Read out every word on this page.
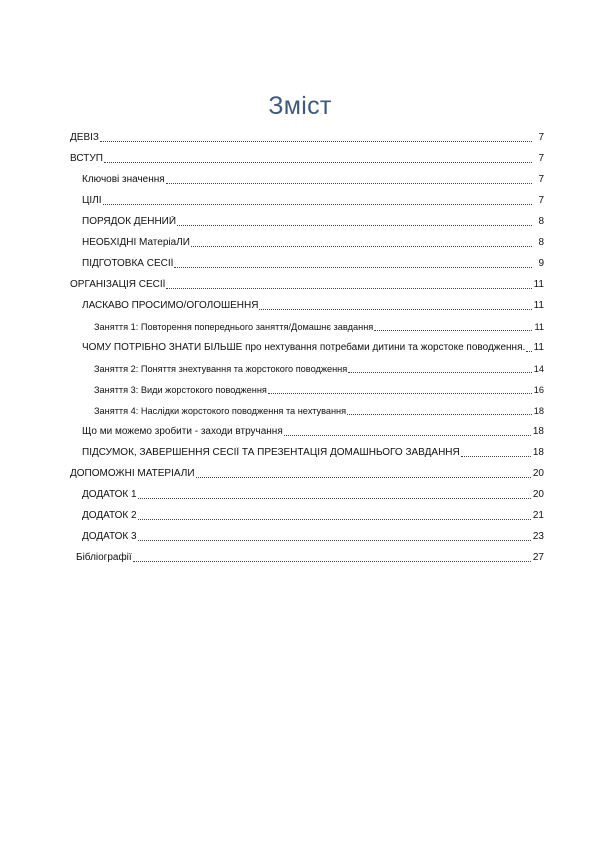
Зміст
ДЕВІЗ	7
ВСТУП	7
Ключові значення	7
ЦІЛІ	7
ПОРЯДОК ДЕННИЙ	8
НЕОБХІДНІ МатеріаЛИ	8
ПІДГОТОВКА СЕСІЇ	9
ОРГАНІЗАЦІЯ СЕСІЇ	11
ЛАСКАВО ПРОСИМО/ОГОЛОШЕННЯ	11
Заняття 1: Повторення попереднього заняття/Домашнє завдання	11
ЧОМУ ПОТРІБНО ЗНАТИ БІЛЬШЕ про нехтування потребами дитини та жорстоке поводження. 11
Заняття 2: Поняття знехтування та жорстокого поводження	14
Заняття 3: Види жорстокого поводження	16
Заняття 4: Наслідки жорстокого поводження та нехтування	18
Що ми можемо зробити - заходи втручання	18
ПІДСУМОК, ЗАВЕРШЕННЯ СЕСІЇ ТА ПРЕЗЕНТАЦІЯ ДОМАШНЬОГО ЗАВДАННЯ	18
ДОПОМОЖНІ МАТЕРІАЛИ	20
ДОДАТОК 1	20
ДОДАТОК 2	21
ДОДАТОК 3	23
Бібліографії	27
